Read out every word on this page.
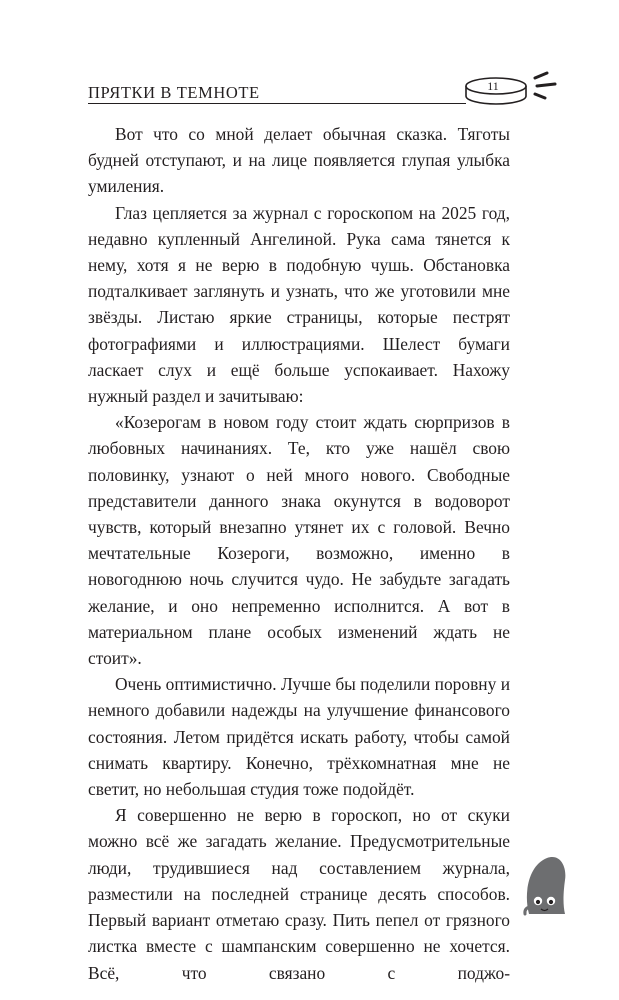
ПРЯТКИ В ТЕМНОТЕ	11

Вот что со мной делает обычная сказка. Тяготы будней отступают, и на лице появляется глупая улыбка умиления.

Глаз цепляется за журнал с гороскопом на 2025 год, недавно купленный Ангелиной. Рука сама тянется к нему, хотя я не верю в подобную чушь. Обстановка подталкивает заглянуть и узнать, что же уготовили мне звёзды. Листаю яркие страницы, которые пестрят фотографиями и иллюстрациями. Шелест бумаги ласкает слух и ещё больше успокаивает. Нахожу нужный раздел и зачитываю:

«Козерогам в новом году стоит ждать сюрпризов в любовных начинаниях. Те, кто уже нашёл свою половинку, узнают о ней много нового. Свободные представители данного знака окунутся в водоворот чувств, который внезапно утянет их с головой. Вечно мечтательные Козероги, возможно, именно в новогоднюю ночь случится чудо. Не забудьте загадать желание, и оно непременно исполнится. А вот в материальном плане особых изменений ждать не стоит».

Очень оптимистично. Лучше бы поделили поровну и немного добавили надежды на улучшение финансового состояния. Летом придётся искать работу, чтобы самой снимать квартиру. Конечно, трёхкомнатная мне не светит, но небольшая студия тоже подойдёт.

Я совершенно не верю в гороскоп, но от скуки можно всё же загадать желание. Предусмотрительные люди, трудившиеся над составлением журнала, разместили на последней странице десять способов. Первый вариант отметаю сразу. Пить пепел от грязного листка вместе с шампанским совершенно не хочется. Всё, что связано с поджо-
